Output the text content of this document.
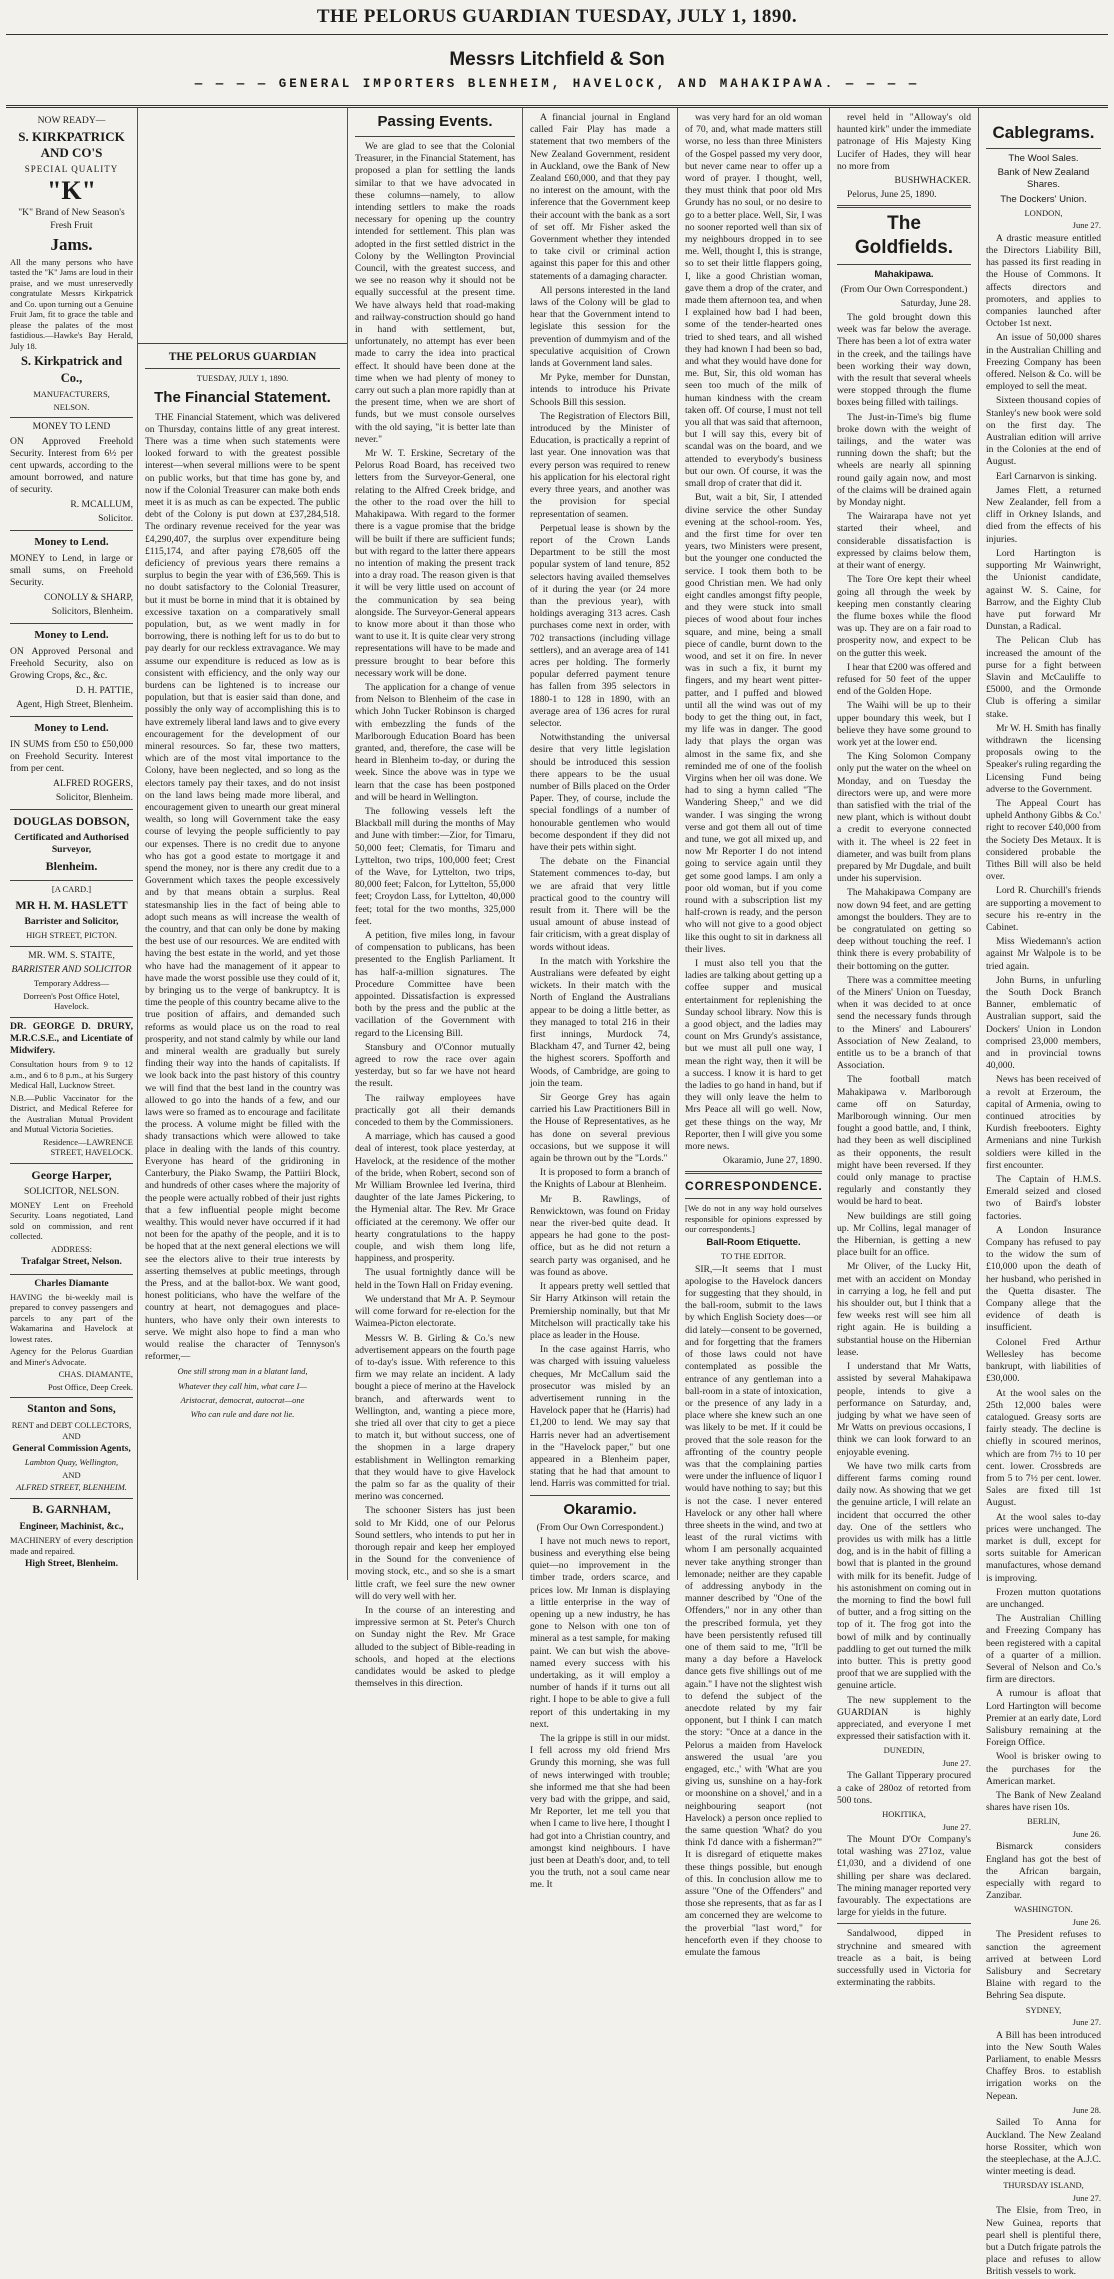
THE PELORUS GUARDIAN TUESDAY, JULY 1, 1890.
Messrs Litchfield & Son
— — — — GENERAL IMPORTERS BLENHEIM, HAVELOCK, AND MAHAKIPAWA. — — — —

NOW READY—

S. KIRKPATRICK AND CO'S

SPECIAL QUALITY

"K"

"K" Brand of New Season's Fresh Fruit

Jams.

All the many persons who have tasted the "K" Jams are loud in their praise, and we must unreservedly congratulate Messrs Kirkpatrick and Co. upon turning out a Genuine Fruit Jam, fit to grace the table and please the palates of the most fastidious.—Hawke's Bay Herald, July 18.

S. Kirkpatrick and Co.,

MANUFACTURERS,

NELSON.

MONEY TO LEND

ON Approved Freehold Security. Interest from 6½ per cent upwards, according to the amount borrowed, and nature of security.

R. MCALLUM,

Solicitor.

Money to Lend.

MONEY to Lend, in large or small sums, on Freehold Security.

CONOLLY & SHARP,

Solicitors, Blenheim.

Money to Lend.

ON Approved Personal and Freehold Security, also on Growing Crops, &c., &c.

D. H. PATTIE,

Agent, High Street, Blenheim.

Money to Lend.

IN SUMS from £50 to £50,000 on Freehold Security. Interest from per cent.

ALFRED ROGERS,

Solicitor, Blenheim.

DOUGLAS DOBSON,

Certificated and Authorised Surveyor,

Blenheim.

[A CARD.]

MR H. M. HASLETT

Barrister and Solicitor,

HIGH STREET, PICTON.

MR. WM. S. STAITE,

BARRISTER AND SOLICITOR

Temporary Address—

Dorreen's Post Office Hotel, Havelock.

DR. GEORGE D. DRURY, M.R.C.S.E., and Licentiate of Midwifery.

Consultation hours from 9 to 12 a.m., and 6 to 8 p.m., at his Surgery Medical Hall, Lucknow Street.

N.B.—Public Vaccinator for the District, and Medical Referee for the Australian Mutual Provident and Mutual Victoria Societies.

Residence—LAWRENCE STREET, HAVELOCK.

George Harper,

SOLICITOR, NELSON.

MONEY Lent on Freehold Security. Loans negotiated, Land sold on commission, and rent collected.

ADDRESS:

Trafalgar Street, Nelson.

Charles Diamante

HAVING the bi-weekly mail is prepared to convey passengers and parcels to any part of the Wakamarina and Havelock at lowest rates.

Agency for the Pelorus Guardian and Miner's Advocate.

CHAS. DIAMANTE,

Post Office, Deep Creek.

Stanton and Sons,

RENT and DEBT COLLECTORS, AND

General Commission Agents,

Lambton Quay, Wellington,

AND

ALFRED STREET, BLENHEIM.

B. GARNHAM,

Engineer, Machinist, &c.,

MACHINERY of every description made and repaired.

High Street, Blenheim.

THE PELORUS GUARDIAN

TUESDAY, JULY 1, 1890.

The Financial Statement.

THE Financial Statement, which was delivered on Thursday, contains little of any great interest. There was a time when such statements were looked forward to with the greatest possible interest—when several millions were to be spent on public works, but that time has gone by, and now if the Colonial Treasurer can make both ends meet it is as much as can be expected. The public debt of the Colony is put down at £37,284,518. The ordinary revenue received for the year was £4,290,407, the surplus over expenditure being £115,174, and after paying £78,605 off the deficiency of previous years there remains a surplus to begin the year with of £36,569. This is no doubt satisfactory to the Colonial Treasurer, but it must be borne in mind that it is obtained by excessive taxation on a comparatively small population, but, as we went madly in for borrowing, there is nothing left for us to do but to pay dearly for our reckless extravagance. We may assume our expenditure is reduced as low as is consistent with efficiency, and the only way our burdens can be lightened is to increase our population, but that is easier said than done, and possibly the only way of accomplishing this is to have extremely liberal land laws and to give every encouragement for the development of our mineral resources. So far, these two matters, which are of the most vital importance to the Colony, have been neglected, and so long as the electors tamely pay their taxes, and do not insist on the land laws being made more liberal, and encouragement given to unearth our great mineral wealth, so long will Government take the easy course of levying the people sufficiently to pay our expenses. There is no credit due to anyone who has got a good estate to mortgage it and spend the money, nor is there any credit due to a Government which taxes the people excessively and by that means obtain a surplus. Real statesmanship lies in the fact of being able to adopt such means as will increase the wealth of the country, and that can only be done by making the best use of our resources. We are endited with having the best estate in the world, and yet those who have had the management of it appear to have made the worst possible use they could of it, by bringing us to the verge of bankruptcy. It is time the people of this country became alive to the true position of affairs, and demanded such reforms as would place us on the road to real prosperity, and not stand calmly by while our land and mineral wealth are gradually but surely finding their way into the hands of capitalists. If we look back into the past history of this country we will find that the best land in the country was allowed to go into the hands of a few, and our laws were so framed as to encourage and facilitate the process. A volume might be filled with the shady transactions which were allowed to take place in dealing with the lands of this country. Everyone has heard of the gridironing in Canterbury, the Piako Swamp, the Pattiiri Block, and hundreds of other cases where the majority of the people were actually robbed of their just rights that a few influential people might become wealthy. This would never have occurred if it had not been for the apathy of the people, and it is to be hoped that at the next general elections we will see the electors alive to their true interests by asserting themselves at public meetings, through the Press, and at the ballot-box. We want good, honest politicians, who have the welfare of the country at heart, not demagogues and place-hunters, who have only their own interests to serve. We might also hope to find a man who would realise the character of Tennyson's reformer,—

One still strong man in a blatant land,

Whatever they call him, what care I—

Aristocrat, democrat, autocrat—one

Who can rule and dare not lie.

Passing Events.

We are glad to see that the Colonial Treasurer, in the Financial Statement, has proposed a plan for settling the lands similar to that we have advocated in these columns—namely, to allow intending settlers to make the roads necessary for opening up the country intended for settlement. This plan was adopted in the first settled district in the Colony by the Wellington Provincial Council, with the greatest success, and we see no reason why it should not be equally successful at the present time. We have always held that road-making and railway-construction should go hand in hand with settlement, but, unfortunately, no attempt has ever been made to carry the idea into practical effect. It should have been done at the time when we had plenty of money to carry out such a plan more rapidly than at the present time, when we are short of funds, but we must console ourselves with the old saying, "it is better late than never."

Mr W. T. Erskine, Secretary of the Pelorus Road Board, has received two letters from the Surveyor-General, one relating to the Alfred Creek bridge, and the other to the road over the hill to Mahakipawa. With regard to the former there is a vague promise that the bridge will be built if there are sufficient funds; but with regard to the latter there appears no intention of making the present track into a dray road. The reason given is that it will be very little used on account of the communication by sea being alongside. The Surveyor-General appears to know more about it than those who want to use it. It is quite clear very strong representations will have to be made and pressure brought to bear before this necessary work will be done.

The application for a change of venue from Nelson to Blenheim of the case in which John Tucker Robinson is charged with embezzling the funds of the Marlborough Education Board has been granted, and, therefore, the case will be heard in Blenheim to-day, or during the week. Since the above was in type we learn that the case has been postponed and will be heard in Wellington.

The following vessels left the Blackball mill during the months of May and June with timber:—Zior, for Timaru, 50,000 feet; Clematis, for Timaru and Lyttelton, two trips, 100,000 feet; Crest of the Wave, for Lyttelton, two trips, 80,000 feet; Falcon, for Lyttelton, 55,000 feet; Croydon Lass, for Lyttelton, 40,000 feet; total for the two months, 325,000 feet.

A petition, five miles long, in favour of compensation to publicans, has been presented to the English Parliament. It has half-a-million signatures. The Procedure Committee have been appointed. Dissatisfaction is expressed both by the press and the public at the vacillation of the Government with regard to the Licensing Bill.

Stansbury and O'Connor mutually agreed to row the race over again yesterday, but so far we have not heard the result.

The railway employees have practically got all their demands conceded to them by the Commissioners.

A marriage, which has caused a good deal of interest, took place yesterday, at Havelock, at the residence of the mother of the bride, when Robert, second son of Mr William Brownlee led Iverina, third daughter of the late James Pickering, to the Hymenial altar. The Rev. Mr Grace officiated at the ceremony. We offer our hearty congratulations to the happy couple, and wish them long life, happiness, and prosperity.

The usual fortnightly dance will be held in the Town Hall on Friday evening.

We understand that Mr A. P. Seymour will come forward for re-election for the Waimea-Picton electorate.

Messrs W. B. Girling & Co.'s new advertisement appears on the fourth page of to-day's issue. With reference to this firm we may relate an incident. A lady bought a piece of merino at the Havelock branch, and afterwards went to Wellington, and, wanting a piece more, she tried all over that city to get a piece to match it, but without success, one of the shopmen in a large drapery establishment in Wellington remarking that they would have to give Havelock the palm so far as the quality of their merino was concerned.

The schooner Sisters has just been sold to Mr Kidd, one of our Pelorus Sound settlers, who intends to put her in thorough repair and keep her employed in the Sound for the convenience of moving stock, etc., and so she is a smart little craft, we feel sure the new owner will do very well with her.

In the course of an interesting and impressive sermon at St. Peter's Church on Sunday night the Rev. Mr Grace alluded to the subject of Bible-reading in schools, and hoped at the elections candidates would be asked to pledge themselves in this direction.

A financial journal in England called Fair Play has made a statement that two members of the New Zealand Government, resident in Auckland, owe the Bank of New Zealand £60,000, and that they pay no interest on the amount, with the inference that the Government keep their account with the bank as a sort of set off. Mr Fisher asked the Government whether they intended to take civil or criminal action against this paper for this and other statements of a damaging character.

All persons interested in the land laws of the Colony will be glad to hear that the Government intend to legislate this session for the prevention of dummyism and of the speculative acquisition of Crown lands at Government land sales.

Mr Pyke, member for Dunstan, intends to introduce his Private Schools Bill this session.

The Registration of Electors Bill, introduced by the Minister of Education, is practically a reprint of last year. One innovation was that every person was required to renew his application for his electoral right every three years, and another was the provision for special representation of seamen.

Perpetual lease is shown by the report of the Crown Lands Department to be still the most popular system of land tenure, 852 selectors having availed themselves of it during the year (or 24 more than the previous year), with holdings averaging 313 acres. Cash purchases come next in order, with 702 transactions (including village settlers), and an average area of 141 acres per holding. The formerly popular deferred payment tenure has fallen from 395 selectors in 1880-1 to 128 in 1890, with an average area of 136 acres for rural selector.

Notwithstanding the universal desire that very little legislation should be introduced this session there appears to be the usual number of Bills placed on the Order Paper. They, of course, include the special fondlings of a number of honourable gentlemen who would become despondent if they did not have their pets within sight.

The debate on the Financial Statement commences to-day, but we are afraid that very little practical good to the country will result from it. There will be the usual amount of abuse instead of fair criticism, with a great display of words without ideas.

In the match with Yorkshire the Australians were defeated by eight wickets. In their match with the North of England the Australians appear to be doing a little better, as they managed to total 216 in their first innings, Murdock 74, Blackham 47, and Turner 42, being the highest scorers. Spofforth and Woods, of Cambridge, are going to join the team.

Sir George Grey has again carried his Law Practitioners Bill in the House of Representatives, as he has done on several previous occasions, but we suppose it will again be thrown out by the "Lords."

It is proposed to form a branch of the Knights of Labour at Blenheim.

Mr B. Rawlings, of Renwicktown, was found on Friday near the river-bed quite dead. It appears he had gone to the post-office, but as he did not return a search party was organised, and he was found as above.

It appears pretty well settled that Sir Harry Atkinson will retain the Premiership nominally, but that Mr Mitchelson will practically take his place as leader in the House.

In the case against Harris, who was charged with issuing valueless cheques, Mr McCallum said the prosecutor was misled by an advertisement running in the Havelock paper that he (Harris) had £1,200 to lend. We may say that Harris never had an advertisement in the "Havelock paper," but one appeared in a Blenheim paper, stating that he had that amount to lend. Harris was committed for trial.

Okaramio.

(From Our Own Correspondent.)

I have not much news to report, business and everything else being quiet—no improvement in the timber trade, orders scarce, and prices low. Mr Inman is displaying a little enterprise in the way of opening up a new industry, he has gone to Nelson with one ton of mineral as a test sample, for making paint. We can but wish the above-named every success with his undertaking, as it will employ a number of hands if it turns out all right. I hope to be able to give a full report of this undertaking in my next.

The la grippe is still in our midst. I fell across my old friend Mrs Grundy this morning, she was full of news interwinged with trouble; she informed me that she had been very bad with the grippe, and said, Mr Reporter, let me tell you that when I came to live here, I thought I had got into a Christian country, and amongst kind neighbours. I have just been at Death's door, and, to tell you the truth, not a soul came near me. It

was very hard for an old woman of 70, and, what made matters still worse, no less than three Ministers of the Gospel passed my very door, but never came near to offer up a word of prayer. I thought, well, they must think that poor old Mrs Grundy has no soul, or no desire to go to a better place. Well, Sir, I was no sooner reported well than six of my neighbours dropped in to see me. Well, thought I, this is strange, so to set their little flappers going, I, like a good Christian woman, gave them a drop of the crater, and made them afternoon tea, and when I explained how bad I had been, some of the tender-hearted ones tried to shed tears, and all wished they had known I had been so bad, and what they would have done for me. But, Sir, this old woman has seen too much of the milk of human kindness with the cream taken off. Of course, I must not tell you all that was said that afternoon, but I will say this, every bit of scandal was on the board, and we attended to everybody's business but our own. Of course, it was the small drop of crater that did it.

But, wait a bit, Sir, I attended divine service the other Sunday evening at the school-room. Yes, and the first time for over ten years, two Ministers were present, but the younger one conducted the service. I took them both to be good Christian men. We had only eight candles amongst fifty people, and they were stuck into small pieces of wood about four inches square, and mine, being a small piece of candle, burnt down to the wood, and set it on fire. In never was in such a fix, it burnt my fingers, and my heart went pitter-patter, and I puffed and blowed until all the wind was out of my body to get the thing out, in fact, my life was in danger. The good lady that plays the organ was almost in the same fix, and she reminded me of one of the foolish Virgins when her oil was done. We had to sing a hymn called "The Wandering Sheep," and we did wander. I was singing the wrong verse and got them all out of time and tune, we got all mixed up, and now Mr Reporter I do not intend going to service again until they get some good lamps. I am only a poor old woman, but if you come round with a subscription list my half-crown is ready, and the person who will not give to a good object like this ought to sit in darkness all their lives.

I must also tell you that the ladies are talking about getting up a coffee supper and musical entertainment for replenishing the Sunday school library. Now this is a good object, and the ladies may count on Mrs Grundy's assistance, but we must all pull one way, I mean the right way, then it will be a success. I know it is hard to get the ladies to go hand in hand, but if they will only leave the helm to Mrs Peace all will go well. Now, get these things on the way, Mr Reporter, then I will give you some more news.

Okaramio, June 27, 1890.

CORRESPONDENCE.

[We do not in any way hold ourselves responsible for opinions expressed by our correspondents.]

Ball-Room Etiquette.

TO THE EDITOR.

SIR,—It seems that I must apologise to the Havelock dancers for suggesting that they should, in the ball-room, submit to the laws by which English Society does—or did lately—consent to be governed, and for forgetting that the framers of those laws could not have contemplated as possible the entrance of any gentleman into a ball-room in a state of intoxication, or the presence of any lady in a place where she knew such an one was likely to be met. If it could be proved that the sole reason for the affronting of the country people was that the complaining parties were under the influence of liquor I would have nothing to say; but this is not the case. I never entered Havelock or any other hall where three sheets in the wind, and two at least of the rural victims with whom I am personally acquainted never take anything stronger than lemonade; neither are they capable of addressing anybody in the manner described by "One of the Offenders," nor in any other than the prescribed formula, yet they have been persistently refused till one of them said to me, "It'll be many a day before a Havelock dance gets five shillings out of me again." I have not the slightest wish to defend the subject of the anecdote related by my fair opponent, but I think I can match the story: "Once at a dance in the Pelorus a maiden from Havelock answered the usual 'are you engaged, etc.,' with 'What are you giving us, sunshine on a hay-fork or moonshine on a shovel,' and in a neighbouring seaport (not Havelock) a person once replied to the same question 'What? do you think I'd dance with a fisherman?'" It is disregard of etiquette makes these things possible, but enough of this. In conclusion allow me to assure "One of the Offenders" and those she represents, that as far as I am concerned they are welcome to the proverbial "last word," for henceforth even if they choose to emulate the famous

revel held in "Alloway's old haunted kirk" under the immediate patronage of His Majesty King Lucifer of Hades, they will hear no more from

BUSHWHACKER.

Pelorus, June 25, 1890.

The Goldfields.

Mahakipawa.

(From Our Own Correspondent.)

Saturday, June 28.

The gold brought down this week was far below the average. There has been a lot of extra water in the creek, and the tailings have been working their way down, with the result that several wheels were stopped through the flume boxes being filled with tailings.

The Just-in-Time's big flume broke down with the weight of tailings, and the water was running down the shaft; but the wheels are nearly all spinning round gaily again now, and most of the claims will be drained again by Monday night.

The Wairarapa have not yet started their wheel, and considerable dissatisfaction is expressed by claims below them, at their want of energy.

The Tore Ore kept their wheel going all through the week by keeping men constantly clearing the flume boxes while the flood was up. They are on a fair road to prosperity now, and expect to be on the gutter this week.

I hear that £200 was offered and refused for 50 feet of the upper end of the Golden Hope.

The Waihi will be up to their upper boundary this week, but I believe they have some ground to work yet at the lower end.

The King Solomon Company only put the water on the wheel on Monday, and on Tuesday the directors were up, and were more than satisfied with the trial of the new plant, which is without doubt a credit to everyone connected with it. The wheel is 22 feet in diameter, and was built from plans prepared by Mr Dugdale, and built under his supervision.

The Mahakipawa Company are now down 94 feet, and are getting amongst the boulders. They are to be congratulated on getting so deep without touching the reef. I think there is every probability of their bottoming on the gutter.

There was a committee meeting of the Miners' Union on Tuesday, when it was decided to at once send the necessary funds through to the Miners' and Labourers' Association of New Zealand, to entitle us to be a branch of that Association.

The football match Mahakipawa v. Marlborough came off on Saturday, Marlborough winning. Our men fought a good battle, and, I think, had they been as well disciplined as their opponents, the result might have been reversed. If they could only manage to practise regularly and constantly they would be hard to beat.

New buildings are still going up. Mr Collins, legal manager of the Hibernian, is getting a new place built for an office.

Mr Oliver, of the Lucky Hit, met with an accident on Monday in carrying a log, he fell and put his shoulder out, but I think that a few weeks rest will see him all right again. He is building a substantial house on the Hibernian lease.

I understand that Mr Watts, assisted by several Mahakipawa people, intends to give a performance on Saturday, and, judging by what we have seen of Mr Watts on previous occasions, I think we can look forward to an enjoyable evening.

We have two milk carts from different farms coming round daily now. As showing that we get the genuine article, I will relate an incident that occurred the other day. One of the settlers who provides us with milk has a little dog, and is in the habit of filling a bowl that is planted in the ground with milk for its benefit. Judge of his astonishment on coming out in the morning to find the bowl full of butter, and a frog sitting on the top of it. The frog got into the bowl of milk and by continually paddling to get out turned the milk into butter. This is pretty good proof that we are supplied with the genuine article.

The new supplement to the GUARDIAN is highly appreciated, and everyone I met expressed their satisfaction with it.

DUNEDIN,

June 27.

The Gallant Tipperary procured a cake of 280oz of retorted from 500 tons.

HOKITIKA,

June 27.

The Mount D'Or Company's total washing was 271oz, value £1,030, and a dividend of one shilling per share was declared. The mining manager reported very favourably. The expectations are large for yields in the future.

Sandalwood, dipped in strychnine and smeared with treacle as a bait, is being successfully used in Victoria for exterminating the rabbits.

Cablegrams.

The Wool Sales.

Bank of New Zealand Shares.

The Dockers' Union.

LONDON,

June 27.

A drastic measure entitled the Directors Liability Bill, has passed its first reading in the House of Commons. It affects directors and promoters, and applies to companies launched after October 1st next.

An issue of 50,000 shares in the Australian Chilling and Freezing Company has been offered. Nelson & Co. will be employed to sell the meat.

Sixteen thousand copies of Stanley's new book were sold on the first day. The Australian edition will arrive in the Colonies at the end of August.

Earl Carnarvon is sinking.

James Flett, a returned New Zealander, fell from a cliff in Orkney Islands, and died from the effects of his injuries.

Lord Hartington is supporting Mr Wainwright, the Unionist candidate, against W. S. Caine, for Barrow, and the Eighty Club have put forward Mr Dunstan, a Radical.

The Pelican Club has increased the amount of the purse for a fight between Slavin and McCauliffe to £5000, and the Ormonde Club is offering a similar stake.

Mr W. H. Smith has finally withdrawn the licensing proposals owing to the Speaker's ruling regarding the Licensing Fund being adverse to the Government.

The Appeal Court has upheld Anthony Gibbs & Co.' right to recover £40,000 from the Society Des Metaux. It is considered probable the Tithes Bill will also be held over.

Lord R. Churchill's friends are supporting a movement to secure his re-entry in the Cabinet.

Miss Wiedemann's action against Mr Walpole is to be tried again.

John Burns, in unfurling the South Dock Branch Banner, emblematic of Australian support, said the Dockers' Union in London comprised 23,000 members, and in provincial towns 40,000.

News has been received of a revolt at Erzeroum, the capital of Armenia, owing to continued atrocities by Kurdish freebooters. Eighty Armenians and nine Turkish soldiers were killed in the first encounter.

The Captain of H.M.S. Emerald seized and closed two of Baird's lobster factories.

A London Insurance Company has refused to pay to the widow the sum of £10,000 upon the death of her husband, who perished in the Quetta disaster. The Company allege that the evidence of death is insufficient.

Colonel Fred Arthur Wellesley has become bankrupt, with liabilities of £30,000.

At the wool sales on the 25th 12,000 bales were catalogued. Greasy sorts are fairly steady. The decline is chiefly in scoured merinos, which are from 7½ to 10 per cent. lower. Crossbreds are from 5 to 7½ per cent. lower. Sales are fixed till 1st August.

At the wool sales to-day prices were unchanged. The market is dull, except for sorts suitable for American manufactures, whose demand is improving.

Frozen mutton quotations are unchanged.

The Australian Chilling and Freezing Company has been registered with a capital of a quarter of a million. Several of Nelson and Co.'s firm are directors.

A rumour is afloat that Lord Hartington will become Premier at an early date, Lord Salisbury remaining at the Foreign Office.

Wool is brisker owing to the purchases for the American market.

The Bank of New Zealand shares have risen 10s.

BERLIN,

June 26.

Bismarck considers England has got the best of the African bargain, especially with regard to Zanzibar.

WASHINGTON.

June 26.

The President refuses to sanction the agreement arrived at between Lord Salisbury and Secretary Blaine with regard to the Behring Sea dispute.

SYDNEY,

June 27.

A Bill has been introduced into the New South Wales Parliament, to enable Messrs Chaffey Bros. to establish irrigation works on the Nepean.

June 28.

Sailed To Anna for Auckland. The New Zealand horse Rossiter, which won the steeplechase, at the A.J.C. winter meeting is dead.

THURSDAY ISLAND,

June 27.

The Elsie, from Treo, in New Guinea, reports that pearl shell is plentiful there, but a Dutch frigate patrols the place and refuses to allow British vessels to work.
